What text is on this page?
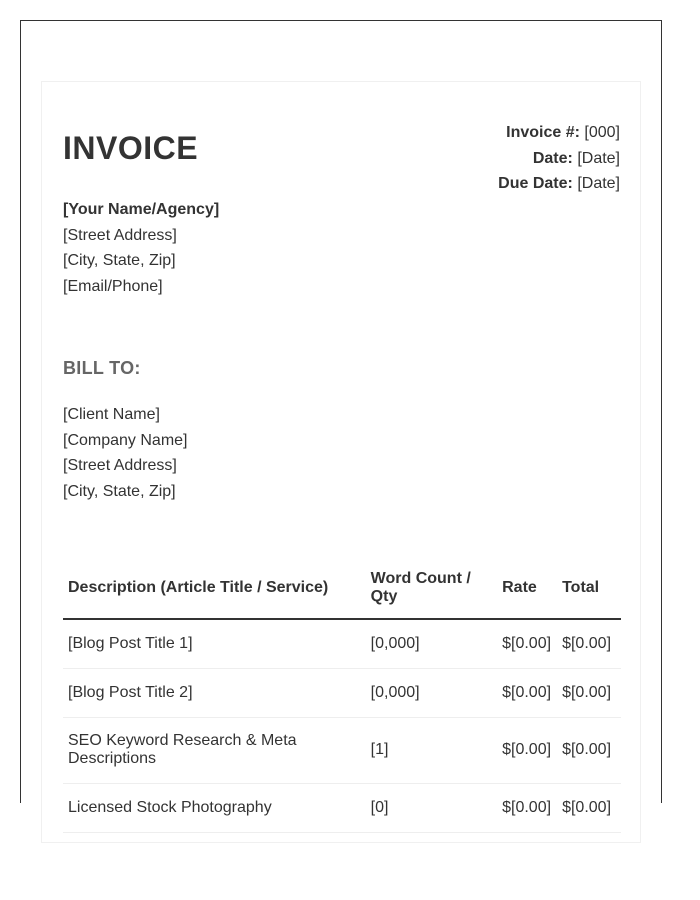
INVOICE	Invoice #: [000]
Date: [Date]
Due Date: [Date]
[Your Name/Agency]
[Street Address]
[City, State, Zip]
[Email/Phone]
BILL TO:
[Client Name]
[Company Name]
[Street Address]
[City, State, Zip]
Description (Article Title / Service)	Word Count / Qty	Rate	Total
[Blog Post Title 1]	[0,000]	$[0.00]	$[0.00]
[Blog Post Title 2]	[0,000]	$[0.00]	$[0.00]
SEO Keyword Research & Meta Descriptions	[1]	$[0.00]	$[0.00]
Licensed Stock Photography	[0]	$[0.00]	$[0.00]
